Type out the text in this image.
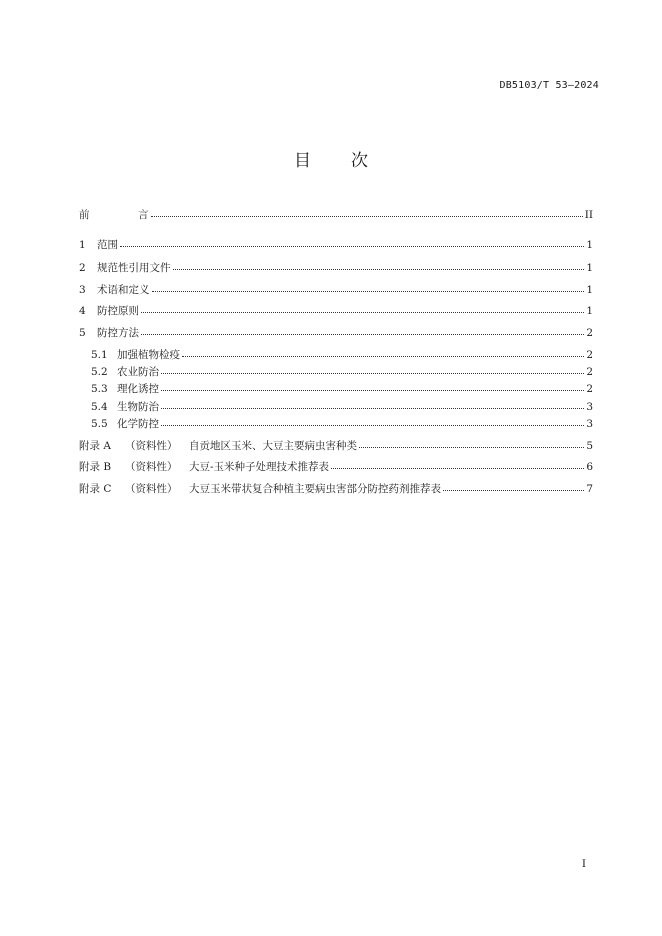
DB5103/T 53—2024
目 次
前	言	II
1	范围	1
2	规范性引用文件	1
3	术语和定义	1
4	防控原则	1
5	防控方法	2
5.1 加强植物检疫	2
5.2 农业防治	2
5.3 理化诱控	2
5.4 生物防治	3
5.5 化学防控	3
附录 A	（资料性）	自贡地区玉米、大豆主要病虫害种类	5
附录 B	（资料性）	大豆-玉米种子处理技术推荐表	6
附录 C	（资料性）	大豆玉米带状复合种植主要病虫害部分防控药剂推荐表	7
I
